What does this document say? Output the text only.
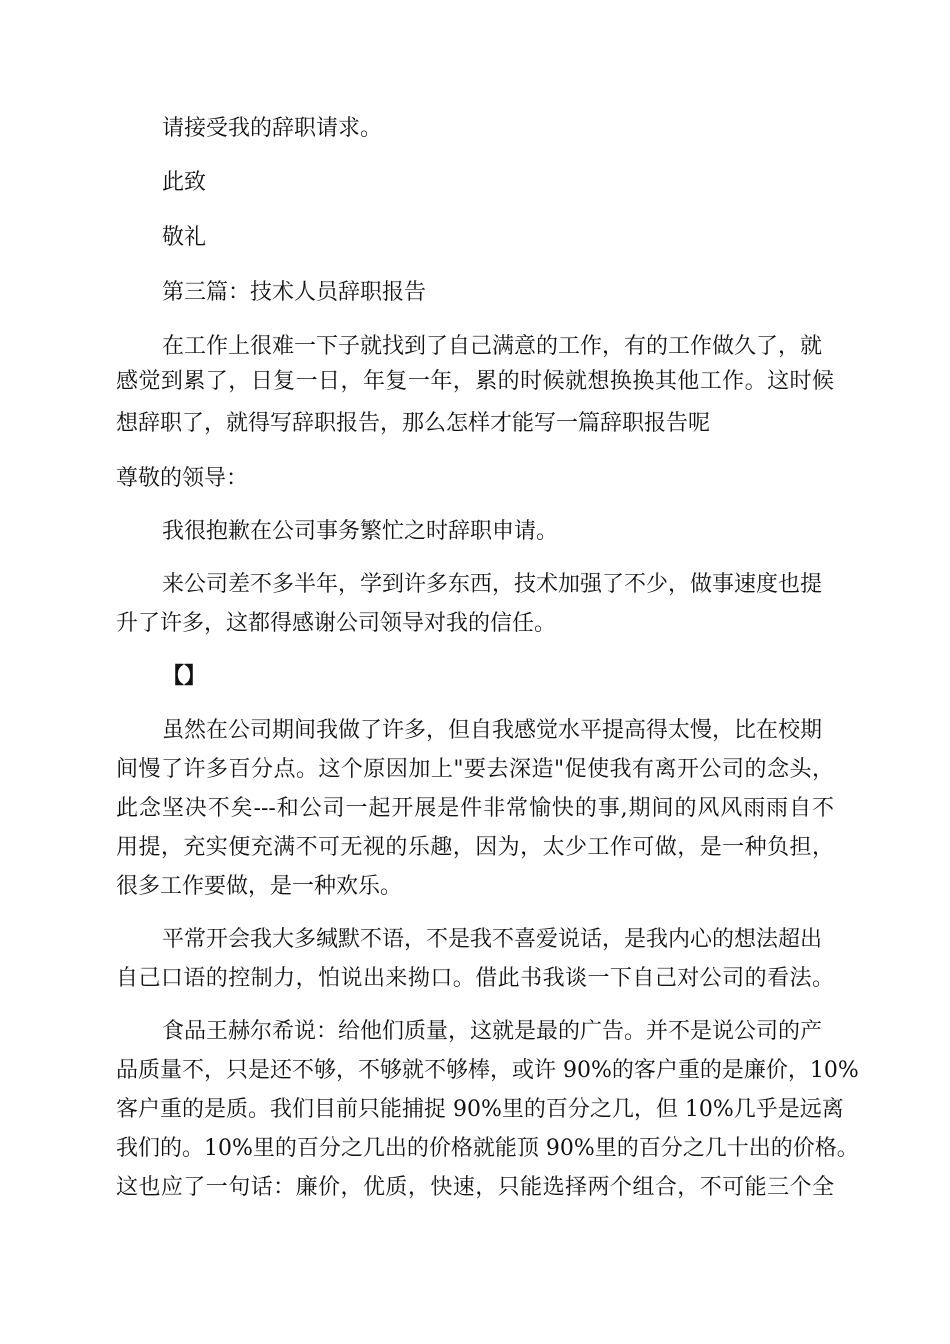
请接受我的辞职请求。
此致
敬礼
第三篇：技术人员辞职报告
在工作上很难一下子就找到了自己满意的工作，有的工作做久了，就
感觉到累了，日复一日，年复一年，累的时候就想换换其他工作。这时候
想辞职了，就得写辞职报告，那么怎样才能写一篇辞职报告呢
尊敬的领导：
我很抱歉在公司事务繁忙之时辞职申请。
来公司差不多半年，学到许多东西，技术加强了不少，做事速度也提
升了许多，这都得感谢公司领导对我的信任。
【】
虽然在公司期间我做了许多，但自我感觉水平提高得太慢，比在校期
间慢了许多百分点。这个原因加上"要去深造"促使我有离开公司的念头，
此念坚决不矣---和公司一起开展是件非常愉快的事,期间的风风雨雨自不
用提，充实便充满不可无视的乐趣，因为，太少工作可做，是一种负担，
很多工作要做，是一种欢乐。
平常开会我大多缄默不语，不是我不喜爱说话，是我内心的想法超出
自己口语的控制力，怕说出来拗口。借此书我谈一下自己对公司的看法。
食品王赫尔希说：给他们质量，这就是最的广告。并不是说公司的产
品质量不，只是还不够，不够就不够棒，或许 90%的客户重的是廉价，10%
客户重的是质。我们目前只能捕捉 90%里的百分之几，但 10%几乎是远离
我们的。10%里的百分之几出的价格就能顶 90%里的百分之几十出的价格。
这也应了一句话：廉价，优质，快速，只能选择两个组合，不可能三个全
